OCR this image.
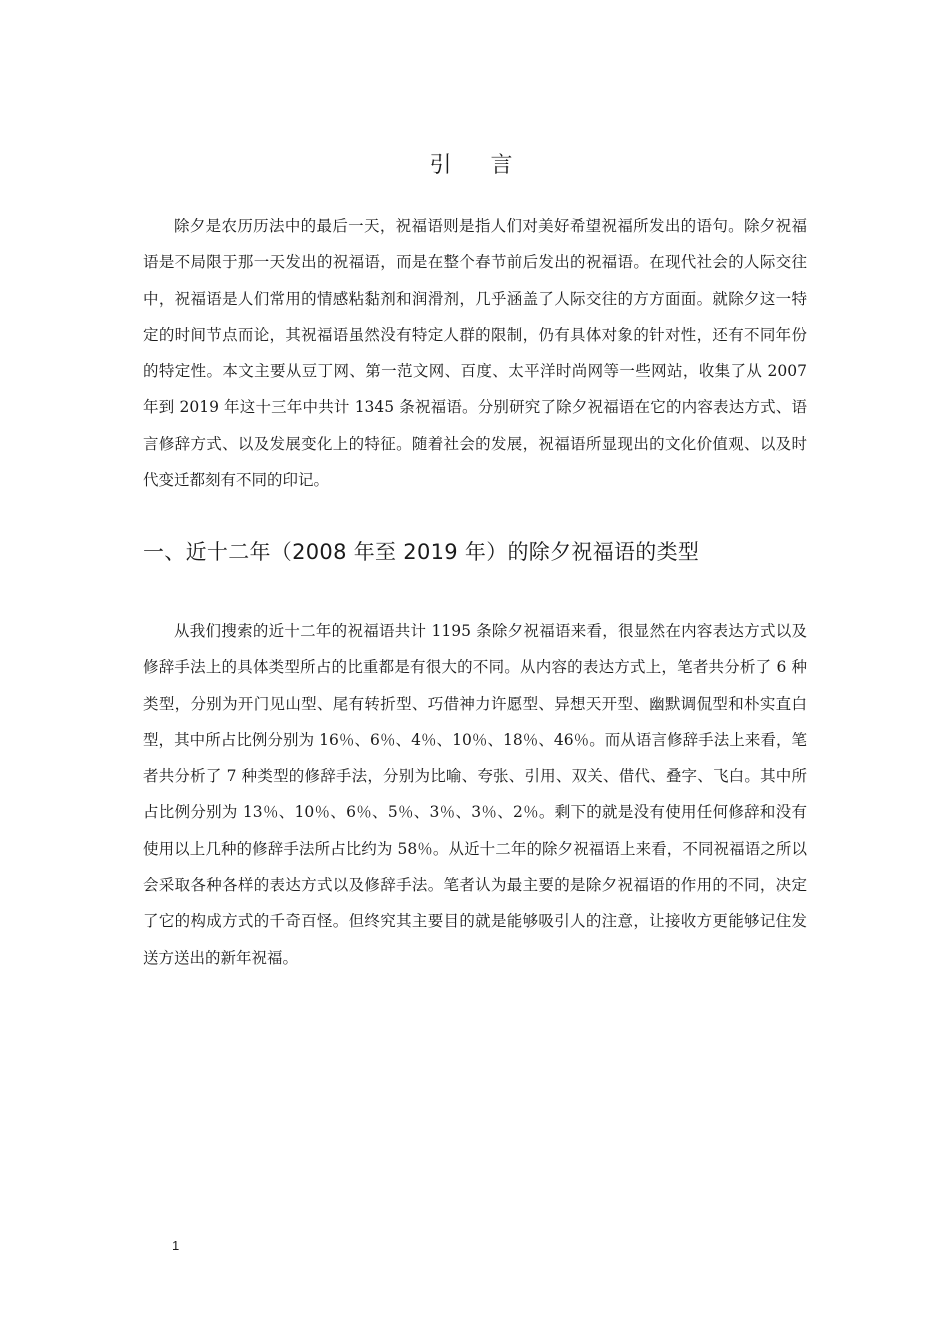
引 言

除夕是农历历法中的最后一天，祝福语则是指人们对美好希望祝福所发出的语句。除夕祝福语是不局限于那一天发出的祝福语，而是在整个春节前后发出的祝福语。在现代社会的人际交往中，祝福语是人们常用的情感粘黏剂和润滑剂，几乎涵盖了人际交往的方方面面。就除夕这一特定的时间节点而论，其祝福语虽然没有特定人群的限制，仍有具体对象的针对性，还有不同年份的特定性。本文主要从豆丁网、第一范文网、百度、太平洋时尚网等一些网站，收集了从 2007 年到 2019 年这十三年中共计 1345 条祝福语。分别研究了除夕祝福语在它的内容表达方式、语言修辞方式、以及发展变化上的特征。随着社会的发展，祝福语所显现出的文化价值观、以及时代变迁都刻有不同的印记。

一、近十二年（2008 年至 2019 年）的除夕祝福语的类型

从我们搜索的近十二年的祝福语共计 1195 条除夕祝福语来看，很显然在内容表达方式以及修辞手法上的具体类型所占的比重都是有很大的不同。从内容的表达方式上，笔者共分析了 6 种类型，分别为开门见山型、尾有转折型、巧借神力许愿型、异想天开型、幽默调侃型和朴实直白型，其中所占比例分别为 16％、6％、4％、10％、18％、46％。而从语言修辞手法上来看，笔者共分析了 7 种类型的修辞手法，分别为比喻、夸张、引用、双关、借代、叠字、飞白。其中所占比例分别为 13％、10％、6％、5％、3％、3％、2％。剩下的就是没有使用任何修辞和没有使用以上几种的修辞手法所占比约为 58％。从近十二年的除夕祝福语上来看，不同祝福语之所以会采取各种各样的表达方式以及修辞手法。笔者认为最主要的是除夕祝福语的作用的不同，决定了它的构成方式的千奇百怪。但终究其主要目的就是能够吸引人的注意，让接收方更能够记住发送方送出的新年祝福。

1
